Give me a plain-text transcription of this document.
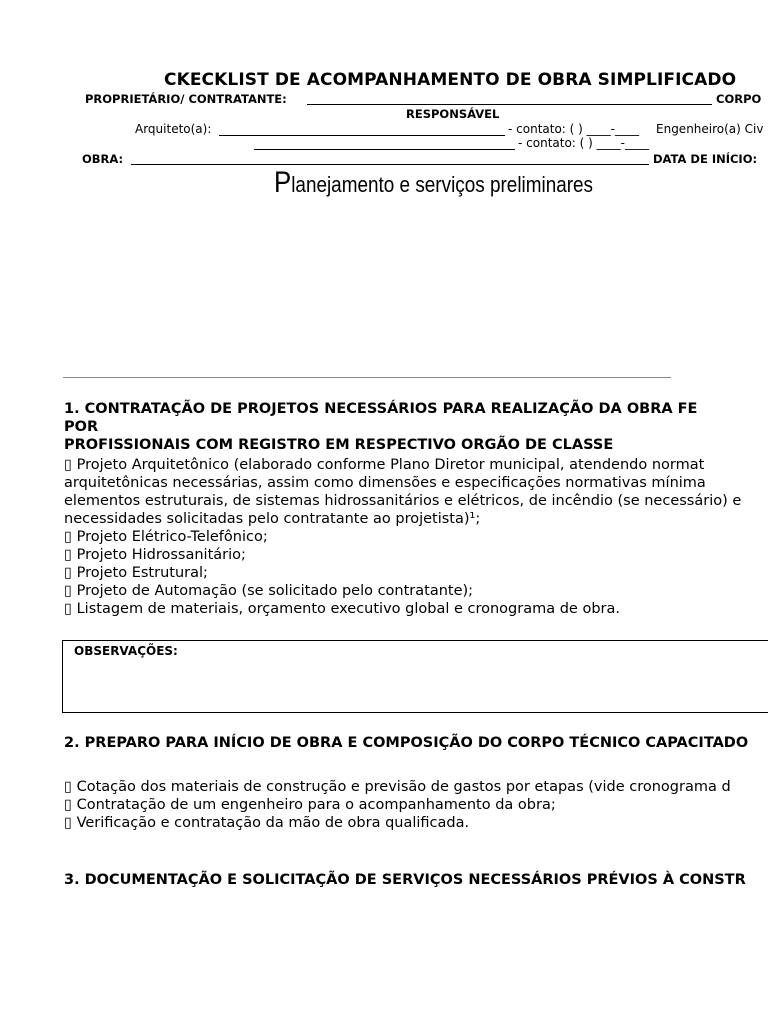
CKECKLIST DE ACOMPANHAMENTO DE OBRA SIMPLIFICADO
PROPRIETÁRIO/ CONTRATANTE:	CORPO
RESPONSÁVEL
Arquiteto(a):	- contato: ( ) ____-____ Engenheiro(a) Civ
- contato: ( ) ____-____
OBRA:	DATA DE INÍCIO:
Planejamento e serviços preliminares
1. CONTRATAÇÃO DE PROJETOS NECESSÁRIOS PARA REALIZAÇÃO DA OBRA FE
POR
PROFISSIONAIS COM REGISTRO EM RESPECTIVO ORGÃO DE CLASSE
▯ Projeto Arquitetônico (elaborado conforme Plano Diretor municipal, atendendo normat
arquitetônicas necessárias, assim como dimensões e especificações normativas mínima
elementos estruturais, de sistemas hidrossanitários e elétricos, de incêndio (se necessário) e
necessidades solicitadas pelo contratante ao projetista)¹;
▯ Projeto Elétrico-Telefônico;
▯ Projeto Hidrossanitário;
▯ Projeto Estrutural;
▯ Projeto de Automação (se solicitado pelo contratante);
▯ Listagem de materiais, orçamento executivo global e cronograma de obra.
OBSERVAÇÕES:
2. PREPARO PARA INÍCIO DE OBRA E COMPOSIÇÃO DO CORPO TÉCNICO CAPACITADO
▯ Cotação dos materiais de construção e previsão de gastos por etapas (vide cronograma d
▯ Contratação de um engenheiro para o acompanhamento da obra;
▯ Verificação e contratação da mão de obra qualificada.
3. DOCUMENTAÇÃO E SOLICITAÇÃO DE SERVIÇOS NECESSÁRIOS PRÉVIOS À CONSTR
